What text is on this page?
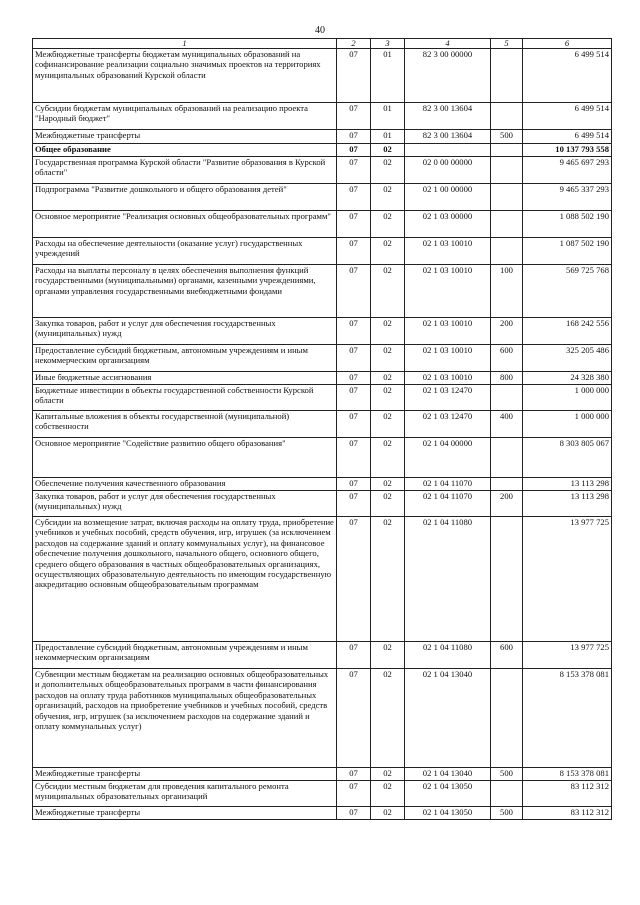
40
1	2	3	4	5	6
Межбюджетные трансферты бюджетам муниципальных образований на софинансирование реализации социально значимых проектов на территориях муниципальных образований Курской области	07	01	82 3 00 00000		6 499 514
Субсидии бюджетам муниципальных образований на реализацию проекта "Народный бюджет"	07	01	82 3 00 13604		6 499 514
Межбюджетные трансферты	07	01	82 3 00 13604	500	6 499 514
Общее образование	07	02			10 137 793 558
Государственная программа Курской области "Развитие образования в Курской области"	07	02	02 0 00 00000		9 465 697 293
Подпрограмма "Развитие дошкольного и общего образования детей"	07	02	02 1 00 00000		9 465 337 293
Основное мероприятие "Реализация основных общеобразовательных программ"	07	02	02 1 03 00000		1 088 502 190
Расходы на обеспечение деятельности (оказание услуг) государственных учреждений	07	02	02 1 03 10010		1 087 502 190
Расходы на выплаты персоналу в целях обеспечения выполнения функций государственными (муниципальными) органами, казенными учреждениями, органами управления государственными внебюджетными фондами	07	02	02 1 03 10010	100	569 725 768
Закупка товаров, работ и услуг для обеспечения государственных (муниципальных) нужд	07	02	02 1 03 10010	200	168 242 556
Предоставление субсидий бюджетным, автономным учреждениям и иным некоммерческим организациям	07	02	02 1 03 10010	600	325 205 486
Иные бюджетные ассигнования	07	02	02 1 03 10010	800	24 328 380
Бюджетные инвестиции в объекты государственной собственности Курской области	07	02	02 1 03 12470		1 000 000
Капитальные вложения в объекты государственной (муниципальной) собственности	07	02	02 1 03 12470	400	1 000 000
Основное мероприятие "Содействие развитию общего образования"	07	02	02 1 04 00000		8 303 805 067
Обеспечение получения качественного образования	07	02	02 1 04 11070		13 113 298
Закупка товаров, работ и услуг для обеспечения государственных (муниципальных) нужд	07	02	02 1 04 11070	200	13 113 298
Субсидии на возмещение затрат, включая расходы на оплату труда, приобретение учебников и учебных пособий, средств обучения, игр, игрушек (за исключением расходов на содержание зданий и оплату коммунальных услуг), на финансовое обеспечение получения дошкольного, начального общего, основного общего, среднего общего образования в частных общеобразовательных организациях, осуществляющих образовательную деятельность по имеющим государственную аккредитацию основным общеобразовательным программам	07	02	02 1 04 11080		13 977 725
Предоставление субсидий бюджетным, автономным учреждениям и иным некоммерческим организациям	07	02	02 1 04 11080	600	13 977 725
Субвенции местным бюджетам на реализацию основных общеобразовательных и дополнительных общеобразовательных программ в части финансирования расходов на оплату труда работников муниципальных общеобразовательных организаций, расходов на приобретение учебников и учебных пособий, средств обучения, игр, игрушек (за исключением расходов на содержание зданий и оплату коммунальных услуг)	07	02	02 1 04 13040		8 153 378 081
Межбюджетные трансферты	07	02	02 1 04 13040	500	8 153 378 081
Субсидии местным бюджетам для проведения капитального ремонта муниципальных образовательных организаций	07	02	02 1 04 13050		83 112 312
Межбюджетные трансферты	07	02	02 1 04 13050	500	83 112 312
